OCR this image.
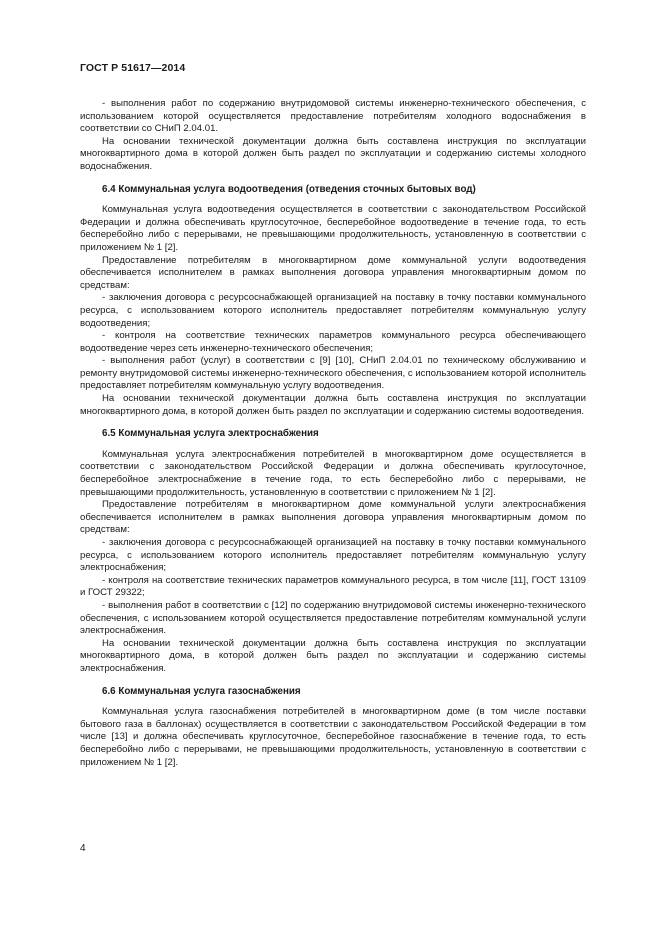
ГОСТ Р 51617—2014

- выполнения работ по содержанию внутридомовой системы инженерно-технического обеспечения, с использованием которой осуществляется предоставление потребителям холодного водоснабжения в соответствии со СНиП 2.04.01.

На основании технической документации должна быть составлена инструкция по эксплуатации многоквартирного дома в которой должен быть раздел по эксплуатации и содержанию системы холодного водоснабжения.

6.4 Коммунальная услуга водоотведения (отведения сточных бытовых вод)

Коммунальная услуга водоотведения осуществляется в соответствии с законодательством Российской Федерации и должна обеспечивать круглосуточное, бесперебойное водоотведение в течение года, то есть бесперебойно либо с перерывами, не превышающими продолжительность, установленную в соответствии с приложением № 1 [2].

Предоставление потребителям в многоквартирном доме коммунальной услуги водоотведения обеспечивается исполнителем в рамках выполнения договора управления многоквартирным домом по средствам:

- заключения договора с ресурсоснабжающей организацией на поставку в точку поставки коммунального ресурса, с использованием которого исполнитель предоставляет потребителям коммунальную услугу водоотведения;

- контроля на соответствие технических параметров коммунального ресурса обеспечивающего водоотведение через сеть инженерно-технического обеспечения;

- выполнения работ (услуг) в соответствии с [9] [10], СНиП 2.04.01 по техническому обслуживанию и ремонту внутридомовой системы инженерно-технического обеспечения, с использованием которой исполнитель предоставляет потребителям коммунальную услугу водоотведения.

На основании технической документации должна быть составлена инструкция по эксплуатации многоквартирного дома, в которой должен быть раздел по эксплуатации и содержанию системы водоотведения.

6.5 Коммунальная услуга электроснабжения

Коммунальная услуга электроснабжения потребителей в многоквартирном доме осуществляется в соответствии с законодательством Российской Федерации и должна обеспечивать круглосуточное, бесперебойное электроснабжение в течение года, то есть бесперебойно либо с перерывами, не превышающими продолжительность, установленную в соответствии с приложением № 1 [2].

Предоставление потребителям в многоквартирном доме коммунальной услуги электроснабжения обеспечивается исполнителем в рамках выполнения договора управления многоквартирным домом по средствам:

- заключения договора с ресурсоснабжающей организацией на поставку в точку поставки коммунального ресурса, с использованием которого исполнитель предоставляет потребителям коммунальную услугу электроснабжения;

- контроля на соответствие технических параметров коммунального ресурса, в том числе [11], ГОСТ 13109 и ГОСТ 29322;

- выполнения работ в соответствии с [12] по содержанию внутридомовой системы инженерно-технического обеспечения, с использованием которой осуществляется предоставление потребителям коммунальной услуги электроснабжения.

На основании технической документации должна быть составлена инструкция по эксплуатации многоквартирного дома, в которой должен быть раздел по эксплуатации и содержанию системы электроснабжения.

6.6 Коммунальная услуга газоснабжения

Коммунальная услуга газоснабжения потребителей в многоквартирном доме (в том числе поставки бытового газа в баллонах) осуществляется в соответствии с законодательством Российской Федерации в том числе [13] и должна обеспечивать круглосуточное, бесперебойное газоснабжение в течение года, то есть бесперебойно либо с перерывами, не превышающими продолжительность, установленную в соответствии с приложением № 1 [2].

4
